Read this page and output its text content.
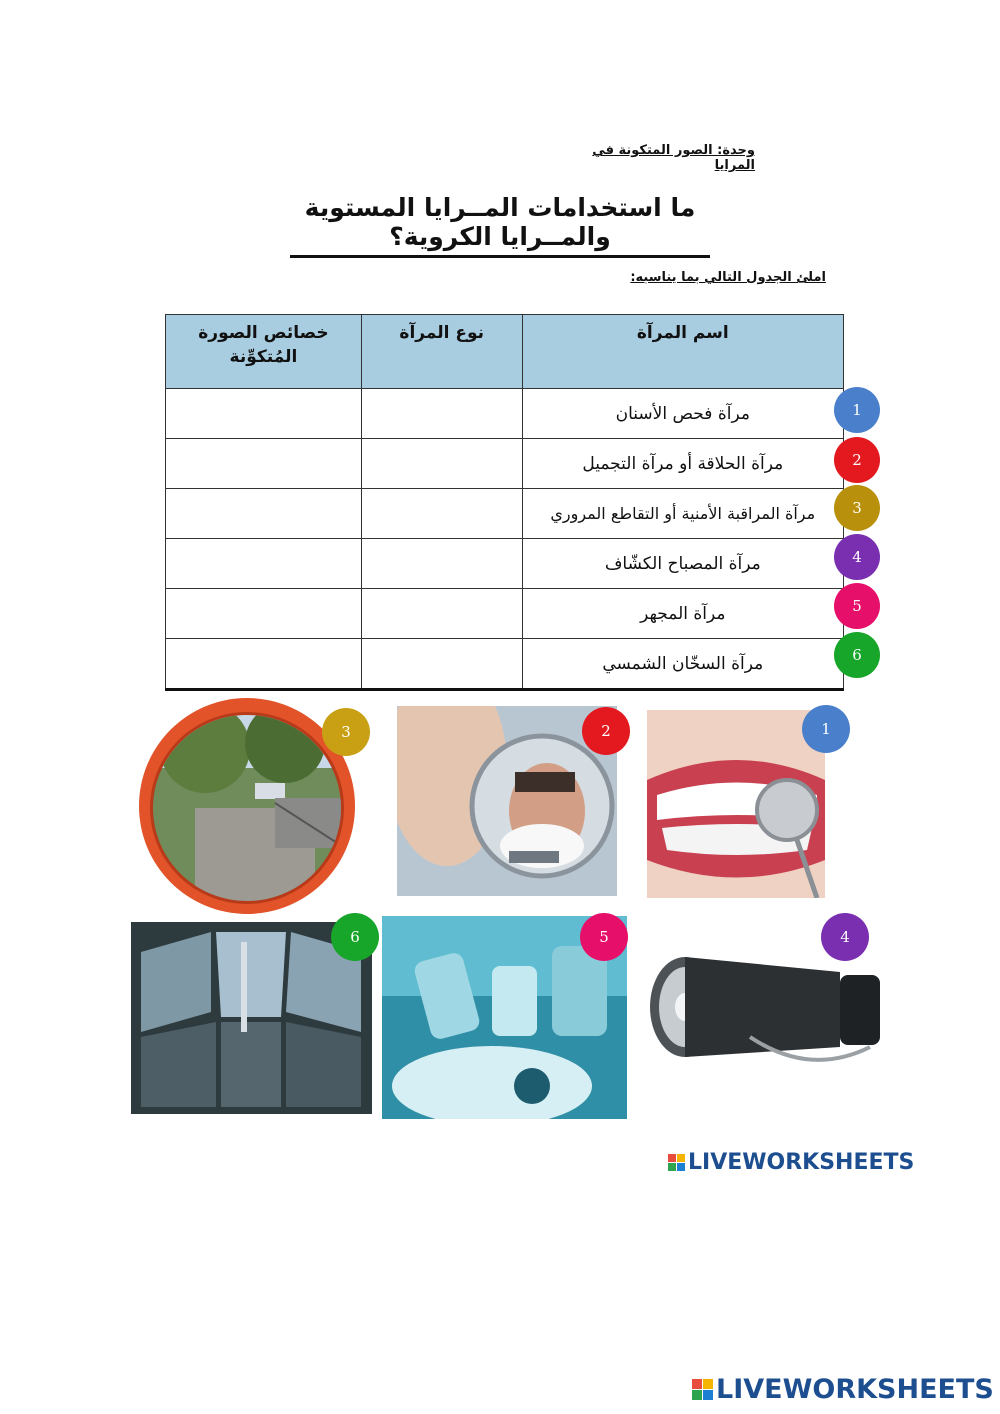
وحدة: الصور المتكونة في المرايا
ما استخدامات المــرايا المستوية والمــرايا الكروية؟
املئ الجدول التالي بما يناسبه:
اسم المرآة	نوع المرآة	خصائص الصورة المُتكوِّنة
مرآة فحص الأسنان		
مرآة الحلاقة أو مرآة التجميل		
مرآة المراقبة الأمنية أو التقاطع المروري		
مرآة المصباح الكشّاف		
مرآة المجهر		
مرآة السخّان الشمسي		
1
2
3
4
5
6
3	2	1
6	5	4
LIVEWORKSHEETS
LIVEWORKSHEETS
